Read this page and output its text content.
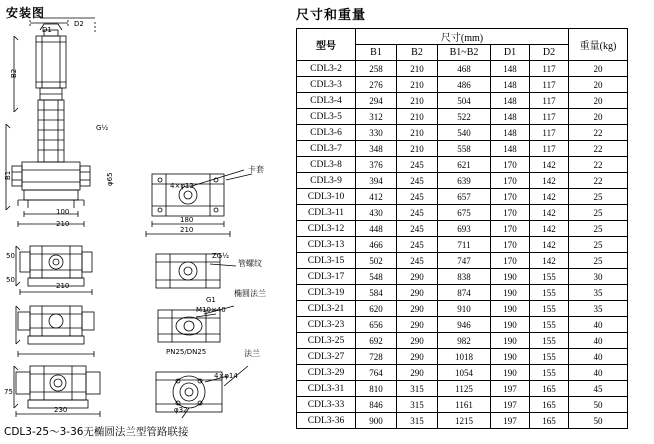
安装图
D1
D2
B2
B1
G½
卡套
4×φ13
180
210
50
100
210
ZG½
管螺纹
椭圆法兰
G1
M10×40
50
210
PN25/DN25	法兰
4×φ14
φ32
75
230
φ65
CDL3-25～3-36无椭圆法兰型管路联接
尺寸和重量
型号	尺寸(mm)					重量(kg)
	B1	B2	B1~B2	D1	D2	
CDL3-2	258	210	468	148	117	20
CDL3-3	276	210	486	148	117	20
CDL3-4	294	210	504	148	117	20
CDL3-5	312	210	522	148	117	20
CDL3-6	330	210	540	148	117	22
CDL3-7	348	210	558	148	117	22
CDL3-8	376	245	621	170	142	22
CDL3-9	394	245	639	170	142	22
CDL3-10	412	245	657	170	142	25
CDL3-11	430	245	675	170	142	25
CDL3-12	448	245	693	170	142	25
CDL3-13	466	245	711	170	142	25
CDL3-15	502	245	747	170	142	25
CDL3-17	548	290	838	190	155	30
CDL3-19	584	290	874	190	155	35
CDL3-21	620	290	910	190	155	35
CDL3-23	656	290	946	190	155	40
CDL3-25	692	290	982	190	155	40
CDL3-27	728	290	1018	190	155	40
CDL3-29	764	290	1054	190	155	40
CDL3-31	810	315	1125	197	165	45
CDL3-33	846	315	1161	197	165	50
CDL3-36	900	315	1215	197	165	50
